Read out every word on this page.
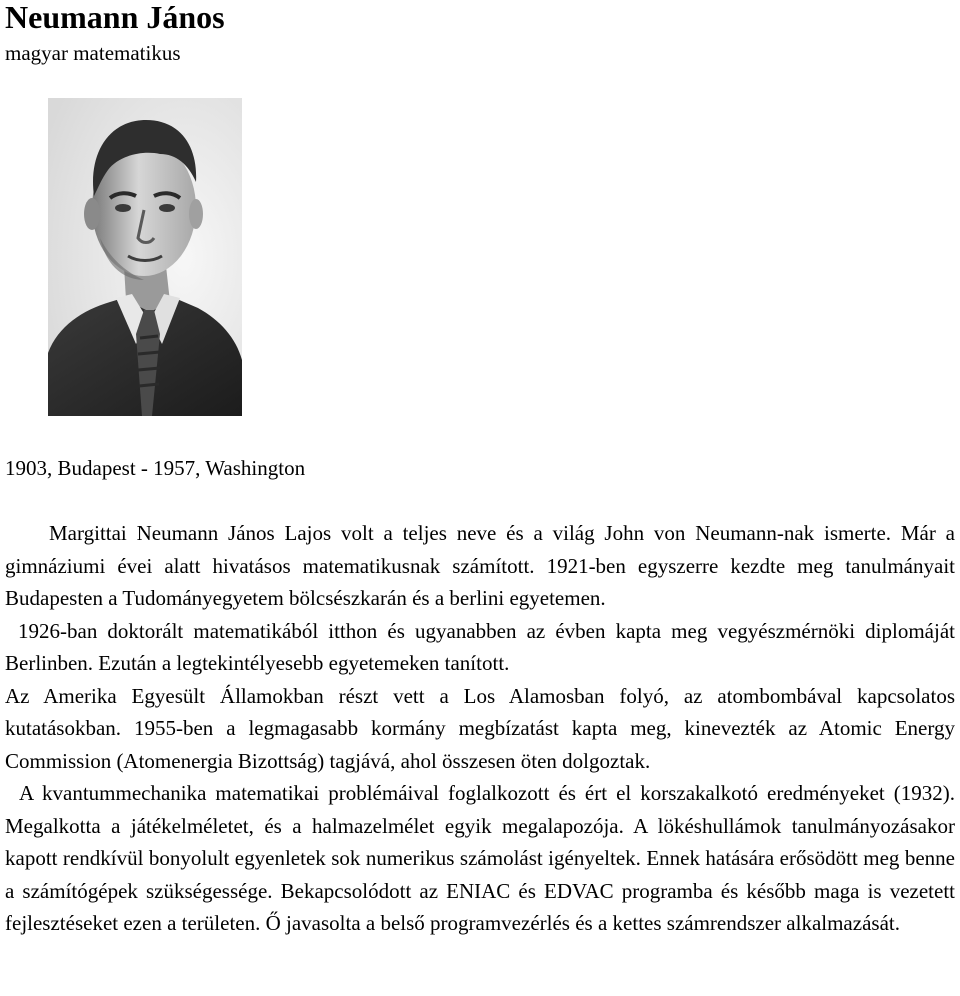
Neumann János
magyar matematikus
1903, Budapest - 1957, Washington

Margittai Neumann János Lajos volt a teljes neve és a világ John von Neumann-nak ismerte. Már a gimnáziumi évei alatt hivatásos matematikusnak számított. 1921-ben egyszerre kezdte meg tanulmányait Budapesten a Tudományegyetem bölcsészkarán és a berlini egyetemen.

1926-ban doktorált matematikából itthon és ugyanabben az évben kapta meg vegyészmérnöki diplomáját Berlinben. Ezután a legtekintélyesebb egyetemeken tanított.

Az Amerika Egyesült Államokban részt vett a Los Alamosban folyó, az atombombával kapcsolatos kutatásokban. 1955-ben a legmagasabb kormány megbízatást kapta meg, kinevezték az Atomic Energy Commission (Atomenergia Bizottság) tagjává, ahol összesen öten dolgoztak.

A kvantummechanika matematikai problémáival foglalkozott és ért el korszakalkotó eredményeket (1932). Megalkotta a játékelméletet, és a halmazelmélet egyik megalapozója. A lökéshullámok tanulmányozásakor kapott rendkívül bonyolult egyenletek sok numerikus számolást igényeltek. Ennek hatására erősödött meg benne a számítógépek szükségessége. Bekapcsolódott az ENIAC és EDVAC programba és később maga is vezetett fejlesztéseket ezen a területen. Ő javasolta a belső programvezérlés és a kettes számrendszer alkalmazását.
